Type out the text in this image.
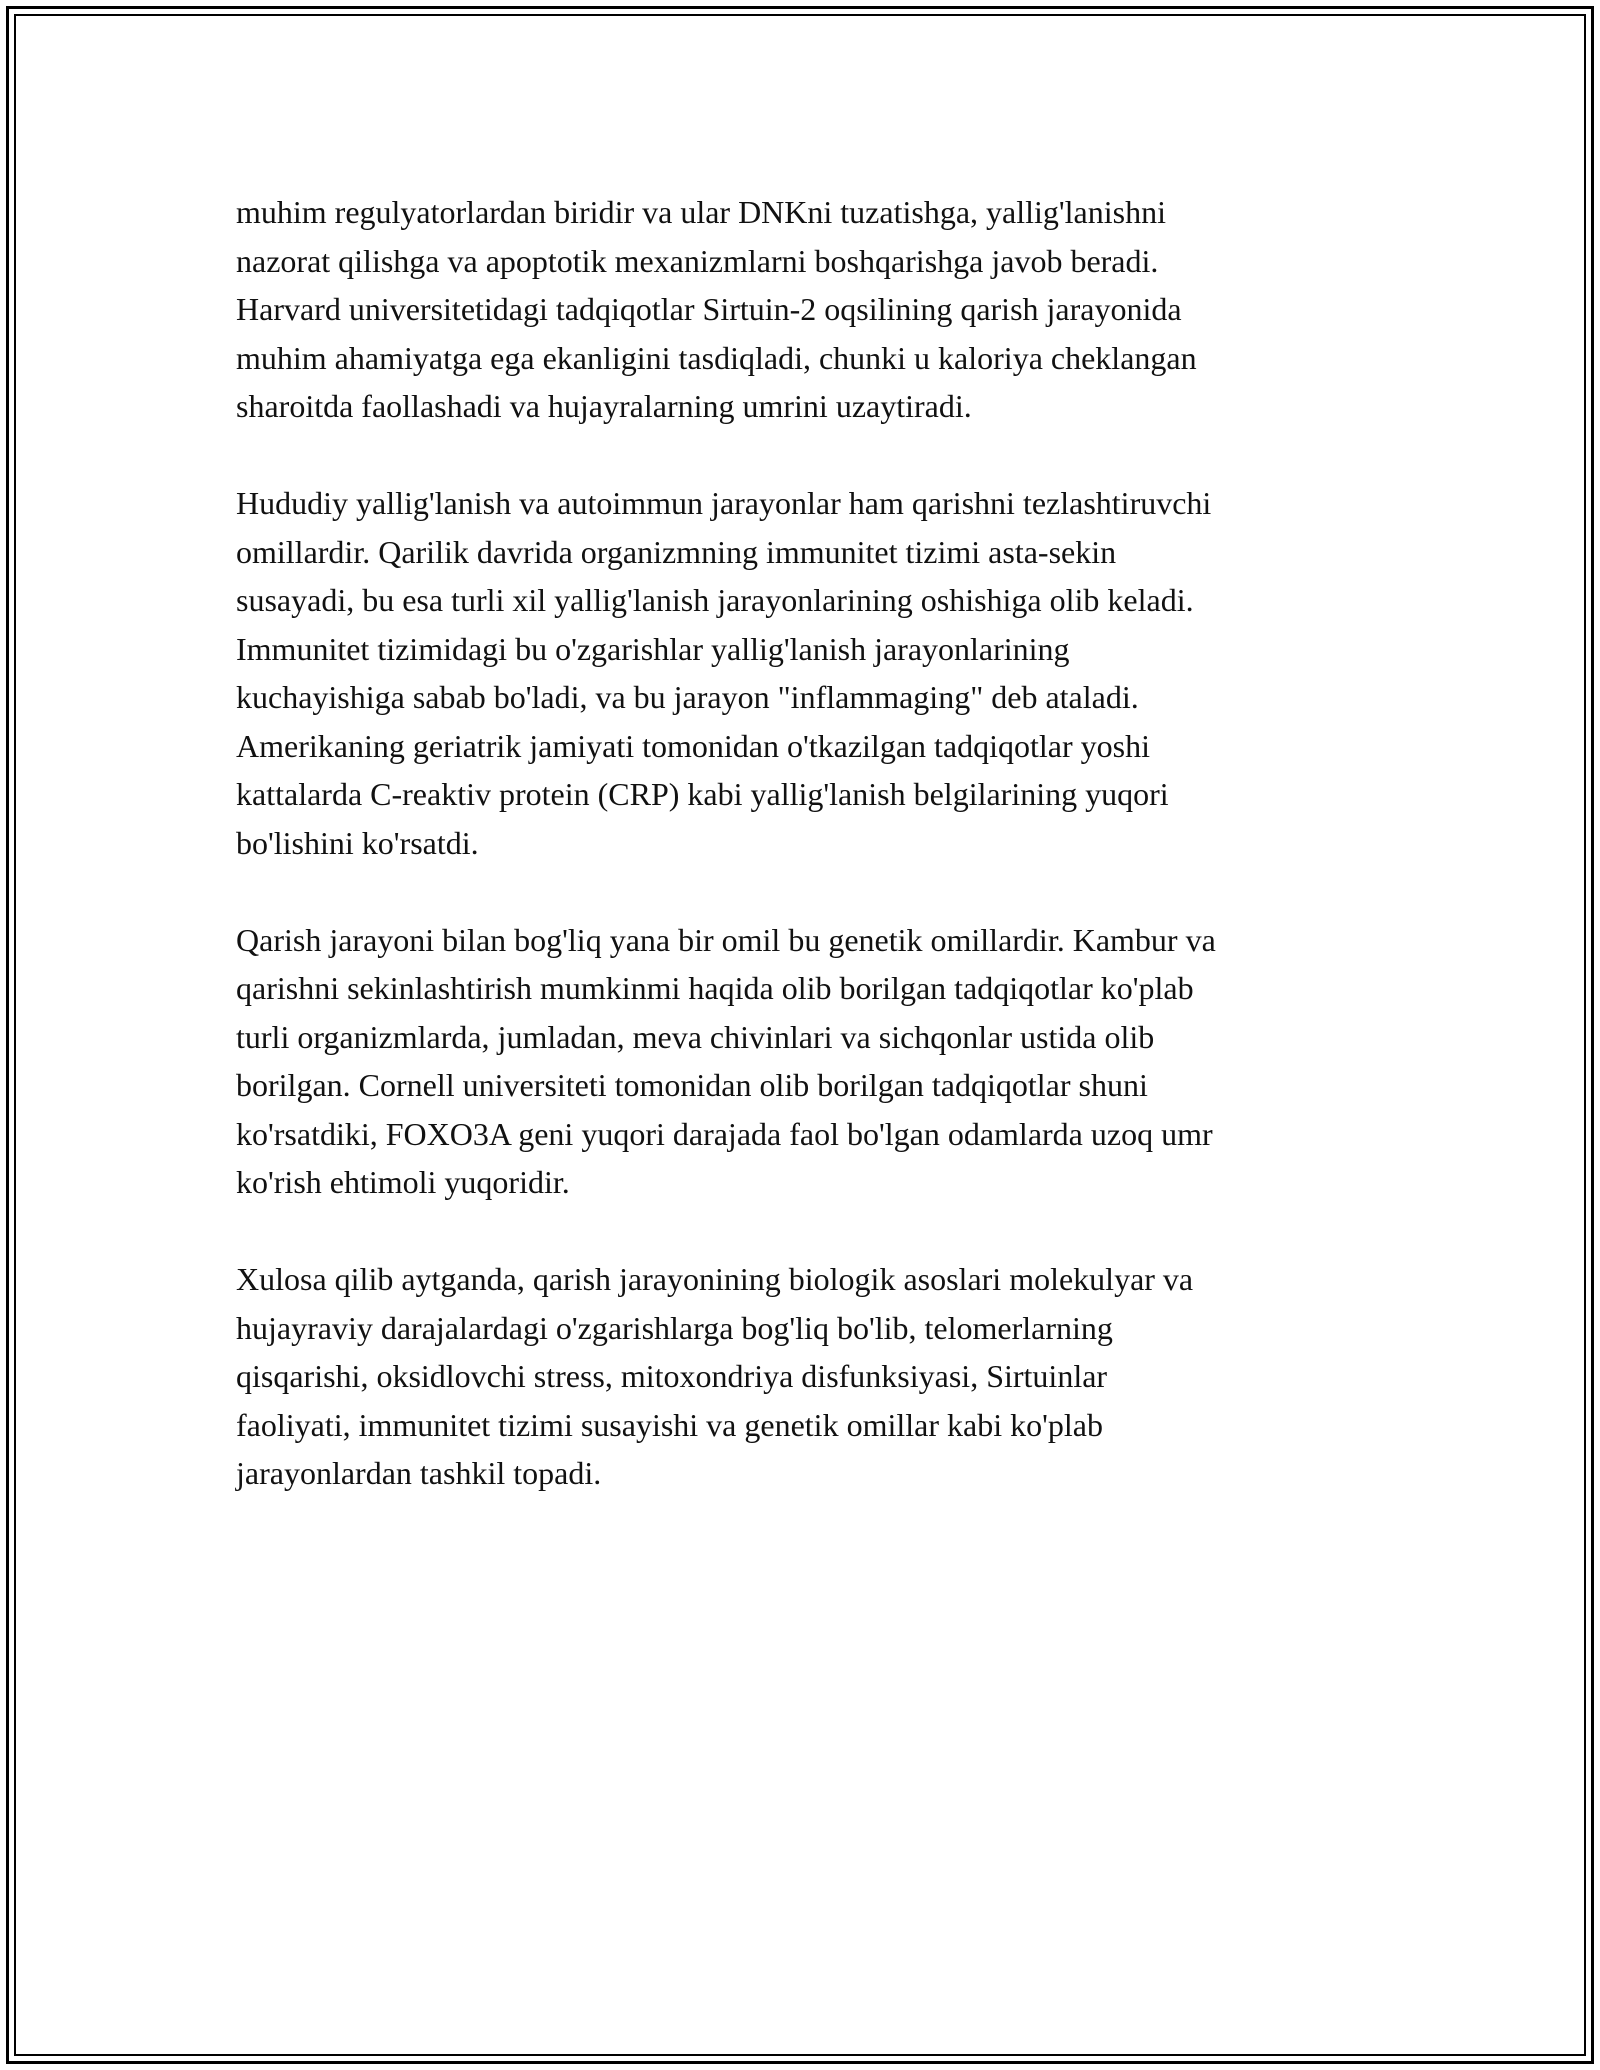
muhim regulyatorlardan biridir va ular DNKni tuzatishga, yallig'lanishni
nazorat qilishga va apoptotik mexanizmlarni boshqarishga javob beradi.
Harvard universitetidagi tadqiqotlar Sirtuin-2 oqsilining qarish jarayonida
muhim ahamiyatga ega ekanligini tasdiqladi, chunki u kaloriya cheklangan
sharoitda faollashadi va hujayralarning umrini uzaytiradi.

Hududiy yallig'lanish va autoimmun jarayonlar ham qarishni tezlashtiruvchi
omillardir. Qarilik davrida organizmning immunitet tizimi asta-sekin
susayadi, bu esa turli xil yallig'lanish jarayonlarining oshishiga olib keladi.
Immunitet tizimidagi bu o'zgarishlar yallig'lanish jarayonlarining
kuchayishiga sabab bo'ladi, va bu jarayon "inflammaging" deb ataladi.
Amerikaning geriatrik jamiyati tomonidan o'tkazilgan tadqiqotlar yoshi
kattalarda C-reaktiv protein (CRP) kabi yallig'lanish belgilarining yuqori
bo'lishini ko'rsatdi.

Qarish jarayoni bilan bog'liq yana bir omil bu genetik omillardir. Kambur va
qarishni sekinlashtirish mumkinmi haqida olib borilgan tadqiqotlar ko'plab
turli organizmlarda, jumladan, meva chivinlari va sichqonlar ustida olib
borilgan. Cornell universiteti tomonidan olib borilgan tadqiqotlar shuni
ko'rsatdiki, FOXO3A geni yuqori darajada faol bo'lgan odamlarda uzoq umr
ko'rish ehtimoli yuqoridir.

Xulosa qilib aytganda, qarish jarayonining biologik asoslari molekulyar va
hujayraviy darajalardagi o'zgarishlarga bog'liq bo'lib, telomerlarning
qisqarishi, oksidlovchi stress, mitoxondriya disfunksiyasi, Sirtuinlar
faoliyati, immunitet tizimi susayishi va genetik omillar kabi ko'plab
jarayonlardan tashkil topadi.
